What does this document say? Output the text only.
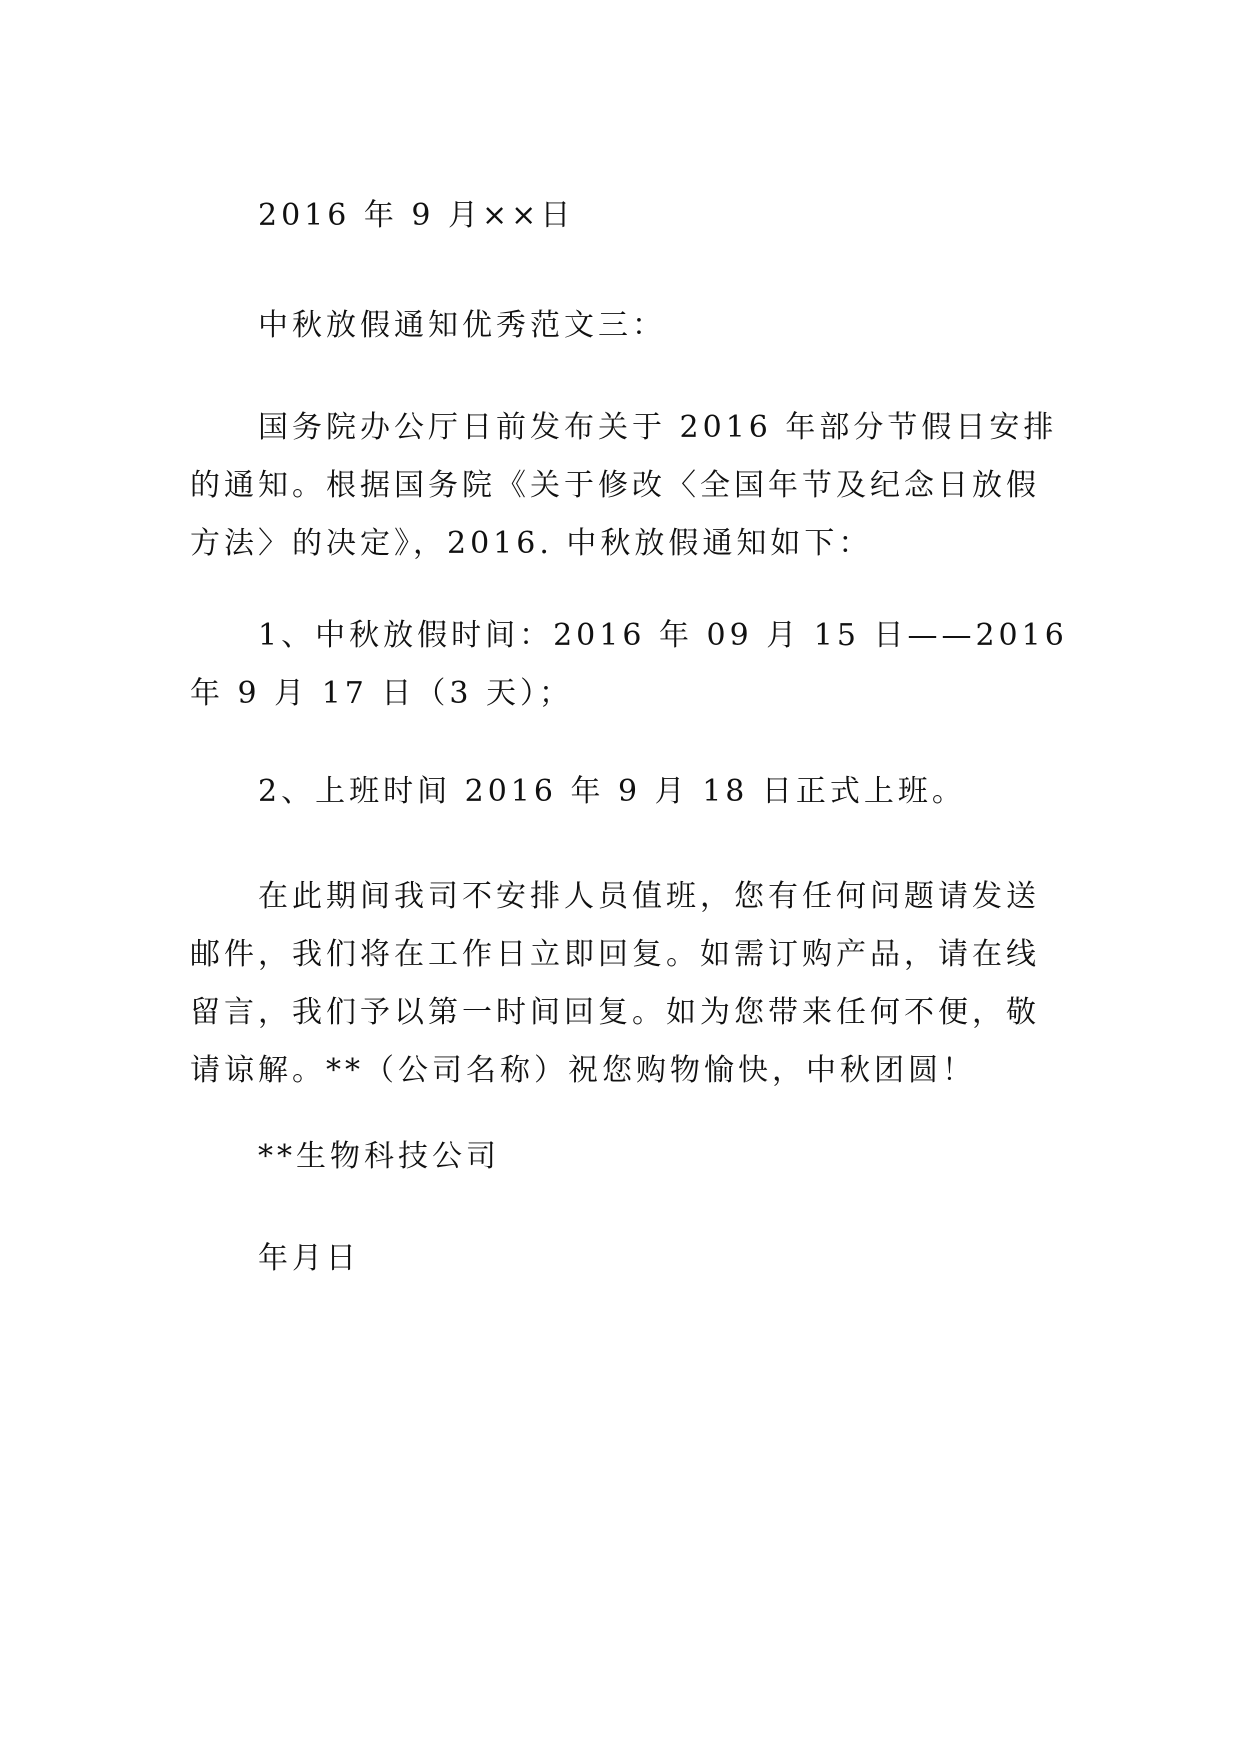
2016 年 9 月××日

中秋放假通知优秀范文三：

国务院办公厅日前发布关于 2016 年部分节假日安排的通知。根据国务院《关于修改〈全国年节及纪念日放假方法〉的决定》，2016. 中秋放假通知如下：

1、中秋放假时间：2016 年 09 月 15 日——2016 年 9 月 17 日（3 天）；

2、上班时间 2016 年 9 月 18 日正式上班。

在此期间我司不安排人员值班，您有任何问题请发送邮件，我们将在工作日立即回复。如需订购产品，请在线留言，我们予以第一时间回复。如为您带来任何不便，敬请谅解。**（公司名称）祝您购物愉快，中秋团圆！

**生物科技公司

年月日
